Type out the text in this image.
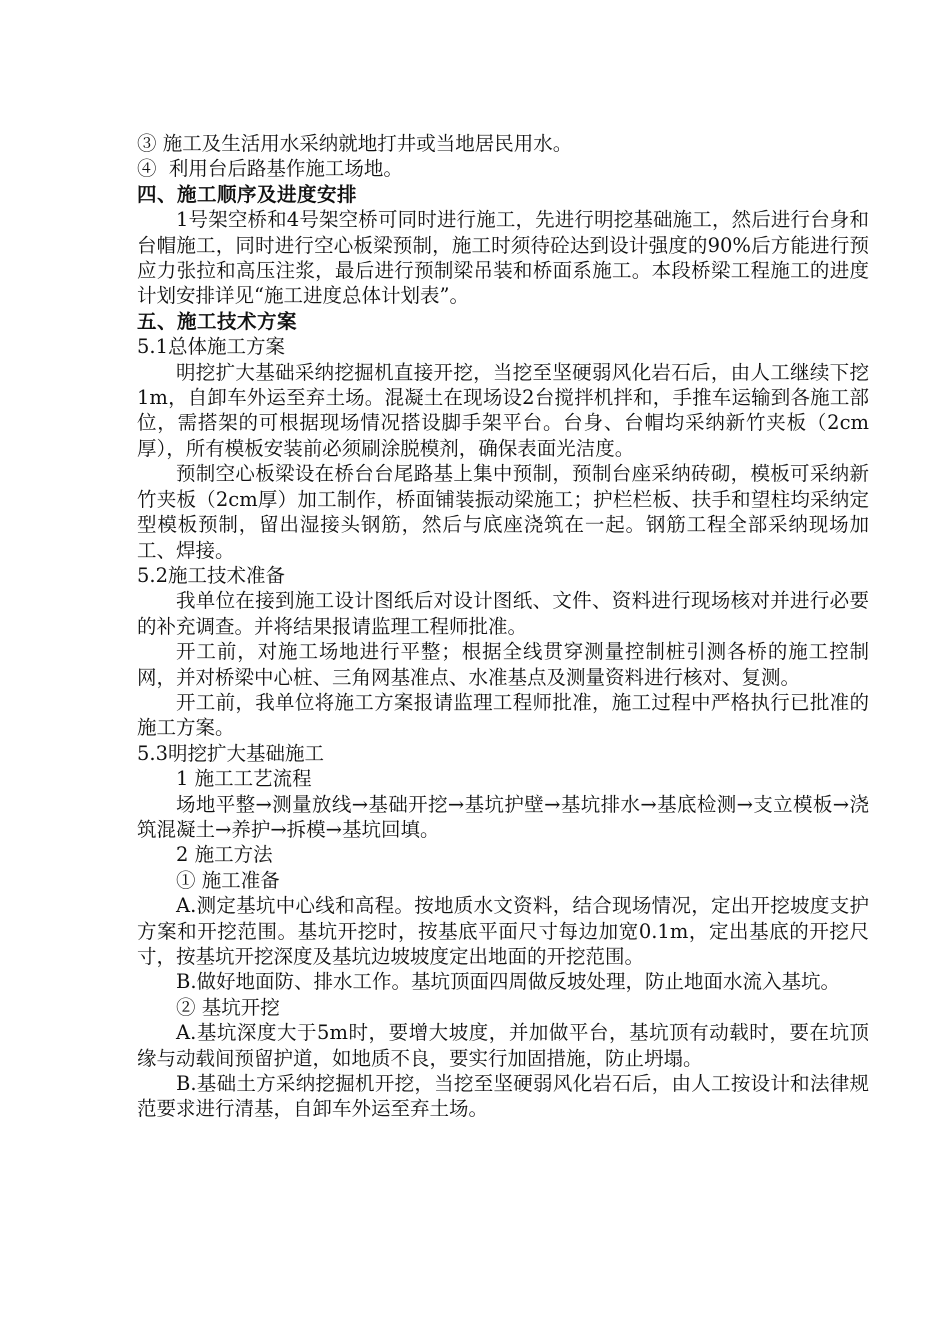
③ 施工及生活用水采纳就地打井或当地居民用水。

④  利用台后路基作施工场地。

四、施工顺序及进度安排

1号架空桥和4号架空桥可同时进行施工，先进行明挖基础施工，然后进行台身和台帽施工，同时进行空心板梁预制，施工时须待砼达到设计强度的90%后方能进行预应力张拉和高压注浆，最后进行预制梁吊装和桥面系施工。本段桥梁工程施工的进度计划安排详见“施工进度总体计划表”。

五、施工技术方案

5.1总体施工方案

明挖扩大基础采纳挖掘机直接开挖，当挖至坚硬弱风化岩石后，由人工继续下挖1m，自卸车外运至弃土场。混凝土在现场设2台搅拌机拌和，手推车运输到各施工部位，需搭架的可根据现场情况搭设脚手架平台。台身、台帽均采纳新竹夹板（2cm厚），所有模板安装前必须刷涂脱模剂，确保表面光洁度。

预制空心板梁设在桥台台尾路基上集中预制，预制台座采纳砖砌，模板可采纳新竹夹板（2cm厚）加工制作，桥面铺装振动梁施工；护栏栏板、扶手和望柱均采纳定型模板预制，留出湿接头钢筋，然后与底座浇筑在一起。钢筋工程全部采纳现场加工、焊接。

5.2施工技术准备

我单位在接到施工设计图纸后对设计图纸、文件、资料进行现场核对并进行必要的补充调查。并将结果报请监理工程师批准。

开工前，对施工场地进行平整；根据全线贯穿测量控制桩引测各桥的施工控制网，并对桥梁中心桩、三角网基准点、水准基点及测量资料进行核对、复测。

开工前，我单位将施工方案报请监理工程师批准，施工过程中严格执行已批准的施工方案。

5.3明挖扩大基础施工

1 施工工艺流程

场地平整→测量放线→基础开挖→基坑护壁→基坑排水→基底检测→支立模板→浇筑混凝土→养护→拆模→基坑回填。

2 施工方法

① 施工准备

A.测定基坑中心线和高程。按地质水文资料，结合现场情况，定出开挖坡度支护方案和开挖范围。基坑开挖时，按基底平面尺寸每边加宽0.1m，定出基底的开挖尺寸，按基坑开挖深度及基坑边坡坡度定出地面的开挖范围。

B.做好地面防、排水工作。基坑顶面四周做反坡处理，防止地面水流入基坑。

② 基坑开挖

A.基坑深度大于5m时，要增大坡度，并加做平台，基坑顶有动载时，要在坑顶缘与动载间预留护道，如地质不良，要实行加固措施，防止坍塌。

B.基础土方采纳挖掘机开挖，当挖至坚硬弱风化岩石后，由人工按设计和法律规范要求进行清基，自卸车外运至弃土场。
